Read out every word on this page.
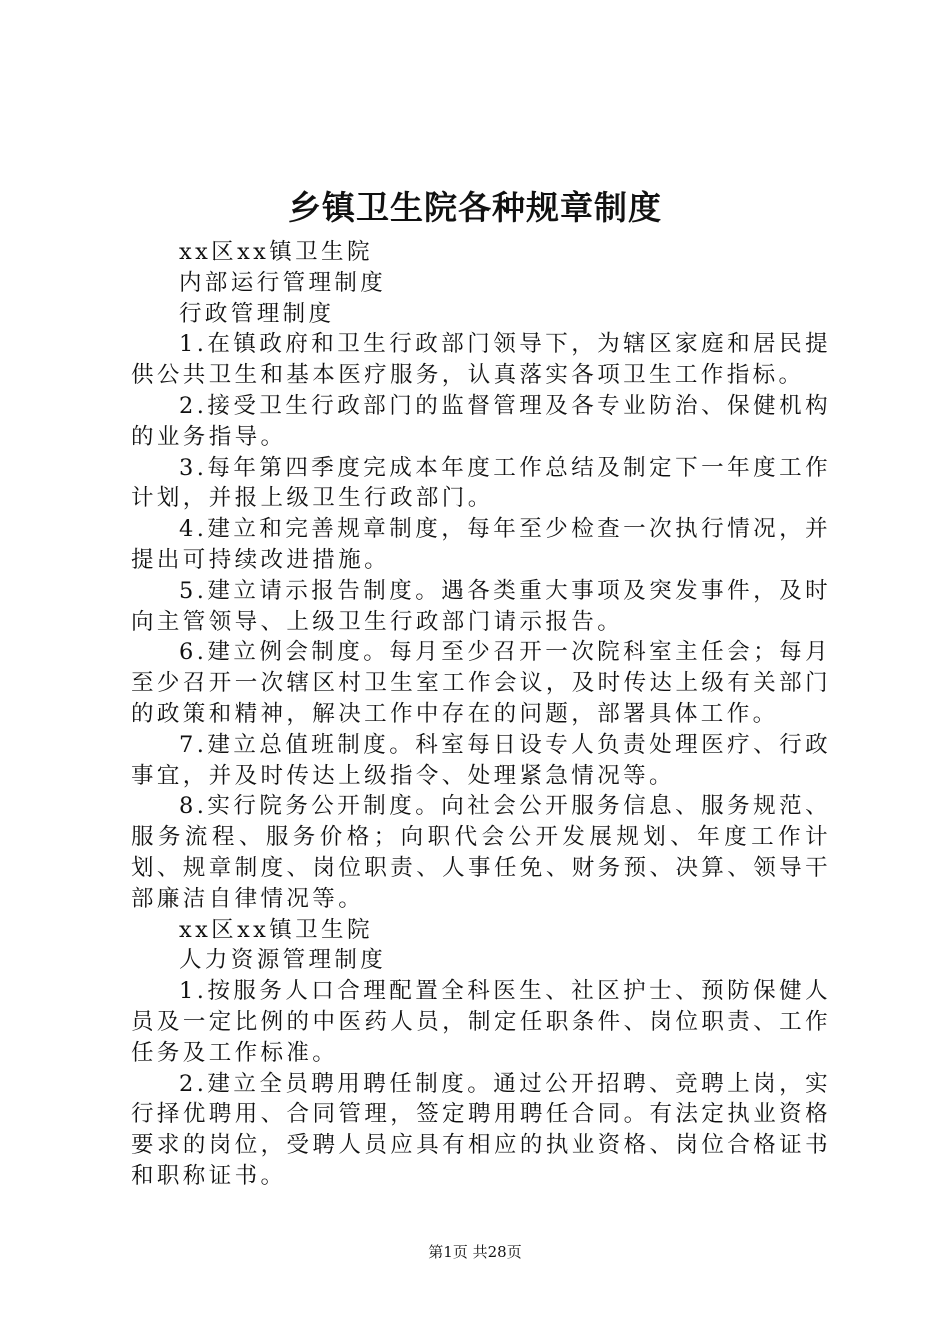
乡镇卫生院各种规章制度

xx区xx镇卫生院

内部运行管理制度

行政管理制度

1.在镇政府和卫生行政部门领导下，为辖区家庭和居民提供公共卫生和基本医疗服务，认真落实各项卫生工作指标。

2.接受卫生行政部门的监督管理及各专业防治、保健机构的业务指导。

3.每年第四季度完成本年度工作总结及制定下一年度工作计划，并报上级卫生行政部门。

4.建立和完善规章制度，每年至少检查一次执行情况，并提出可持续改进措施。

5.建立请示报告制度。遇各类重大事项及突发事件，及时向主管领导、上级卫生行政部门请示报告。

6.建立例会制度。每月至少召开一次院科室主任会；每月至少召开一次辖区村卫生室工作会议，及时传达上级有关部门的政策和精神，解决工作中存在的问题，部署具体工作。

7.建立总值班制度。科室每日设专人负责处理医疗、行政事宜，并及时传达上级指令、处理紧急情况等。

8.实行院务公开制度。向社会公开服务信息、服务规范、服务流程、服务价格；向职代会公开发展规划、年度工作计划、规章制度、岗位职责、人事任免、财务预、决算、领导干部廉洁自律情况等。

xx区xx镇卫生院

人力资源管理制度

1.按服务人口合理配置全科医生、社区护士、预防保健人员及一定比例的中医药人员，制定任职条件、岗位职责、工作任务及工作标准。

2.建立全员聘用聘任制度。通过公开招聘、竞聘上岗，实行择优聘用、合同管理，签定聘用聘任合同。有法定执业资格要求的岗位，受聘人员应具有相应的执业资格、岗位合格证书和职称证书。

第1页 共28页
